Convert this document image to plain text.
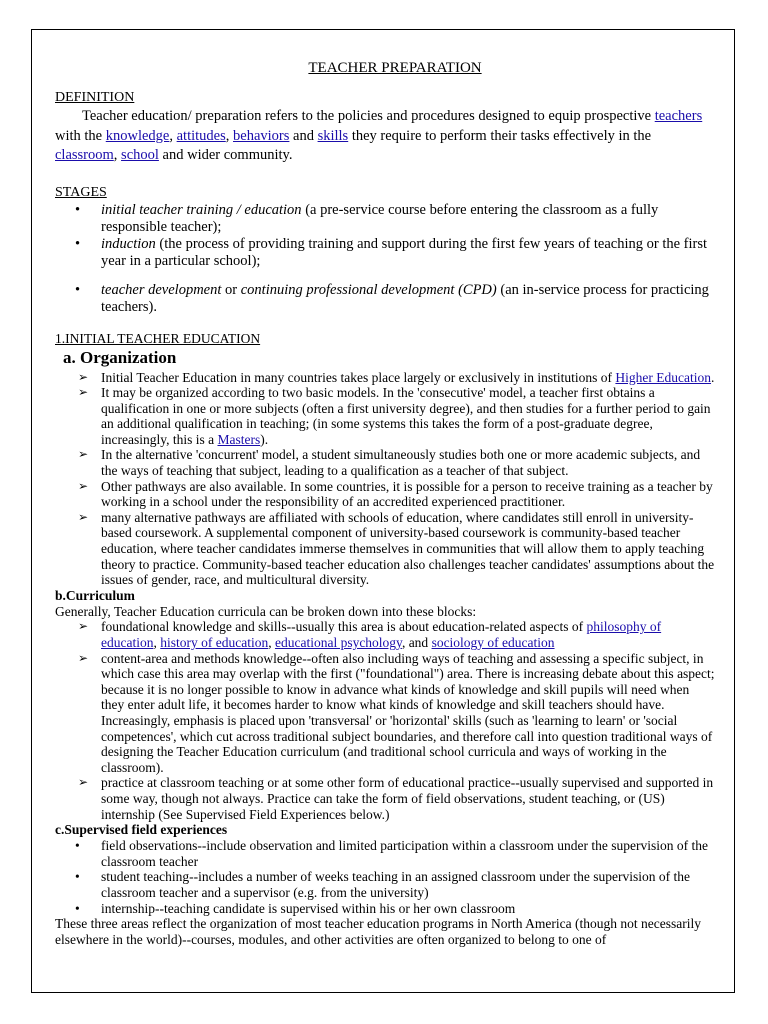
TEACHER PREPARATION

DEFINITION

Teacher education/ preparation refers to the policies and procedures designed to equip prospective teachers with the knowledge, attitudes, behaviors and skills they require to perform their tasks effectively in the classroom, school and wider community.

STAGES

• initial teacher training / education (a pre-service course before entering the classroom as a fully responsible teacher);
• induction (the process of providing training and support during the first few years of teaching or the first year in a particular school);
• teacher development or continuing professional development (CPD) (an in-service process for practicing teachers).

1.INITIAL TEACHER EDUCATION

a. Organization

➢ Initial Teacher Education in many countries takes place largely or exclusively in institutions of Higher Education.
➢ It may be organized according to two basic models. In the 'consecutive' model, a teacher first obtains a qualification in one or more subjects (often a first university degree), and then studies for a further period to gain an additional qualification in teaching; (in some systems this takes the form of a post-graduate degree, increasingly, this is a Masters).
➢ In the alternative 'concurrent' model, a student simultaneously studies both one or more academic subjects, and the ways of teaching that subject, leading to a qualification as a teacher of that subject.
➢ Other pathways are also available. In some countries, it is possible for a person to receive training as a teacher by working in a school under the responsibility of an accredited experienced practitioner.
➢ many alternative pathways are affiliated with schools of education, where candidates still enroll in university-based coursework. A supplemental component of university-based coursework is community-based teacher education, where teacher candidates immerse themselves in communities that will allow them to apply teaching theory to practice. Community-based teacher education also challenges teacher candidates' assumptions about the issues of gender, race, and multicultural diversity.

b.Curriculum

Generally, Teacher Education curricula can be broken down into these blocks:

➢ foundational knowledge and skills--usually this area is about education-related aspects of philosophy of education, history of education, educational psychology, and sociology of education
➢ content-area and methods knowledge--often also including ways of teaching and assessing a specific subject, in which case this area may overlap with the first ("foundational") area. There is increasing debate about this aspect; because it is no longer possible to know in advance what kinds of knowledge and skill pupils will need when they enter adult life, it becomes harder to know what kinds of knowledge and skill teachers should have. Increasingly, emphasis is placed upon 'transversal' or 'horizontal' skills (such as 'learning to learn' or 'social competences', which cut across traditional subject boundaries, and therefore call into question traditional ways of designing the Teacher Education curriculum (and traditional school curricula and ways of working in the classroom).
➢ practice at classroom teaching or at some other form of educational practice--usually supervised and supported in some way, though not always. Practice can take the form of field observations, student teaching, or (US) internship (See Supervised Field Experiences below.)

c.Supervised field experiences

• field observations--include observation and limited participation within a classroom under the supervision of the classroom teacher
• student teaching--includes a number of weeks teaching in an assigned classroom under the supervision of the classroom teacher and a supervisor (e.g. from the university)
• internship--teaching candidate is supervised within his or her own classroom

These three areas reflect the organization of most teacher education programs in North America (though not necessarily elsewhere in the world)--courses, modules, and other activities are often organized to belong to one of
